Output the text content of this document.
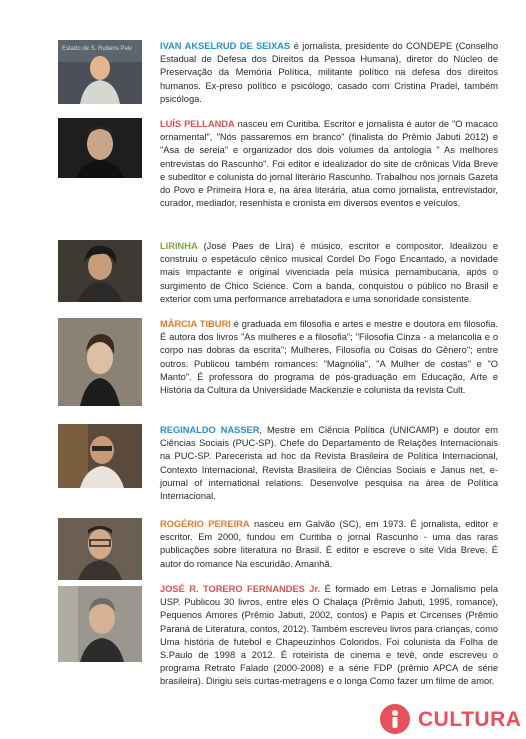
Estado de S. Rubens Paiv	IVAN AKSELRUD DE SEIXAS é jornalista, presidente do CONDEPE (Conselho Estadual de Defesa dos Direitos da Pessoa Humana), diretor do Núcleo de Preservação da Memória Política, militante político na defesa dos direitos humanos. Ex-preso político e psicólogo, casado com Cristina Pradel, também psicóloga.
LUÍS PELLANDA nasceu em Curitiba. Escritor e jornalista é autor de "O macaco ornamental", "Nós passaremos em branco" (finalista do Prêmio Jabuti 2012) e "Asa de sereia" e organizador dos dois volumes da antologia " As melhores entrevistas do Rascunho". Foi editor e idealizador do site de crônicas Vida Breve e subeditor e colunista do jornal literário Rascunho. Trabalhou nos jornais Gazeta do Povo e Primeira Hora e, na área literária, atua como jornalista, entrevistador, curador, mediador, resenhista e cronista em diversos eventos e veículos.
LIRINHA (José Paes de Lira) é músico, escritor e compositor. Idealizou e construiu o espetáculo cênico musical Cordel Do Fogo Encantado, a novidade mais impactante e original vivenciada pela música pernambucana, após o surgimento de Chico Science. Com a banda, conquistou o público no Brasil e exterior com uma performance arrebatadora e uma sonoridade consistente.
MÁRCIA TIBURI é graduada em filosofia e artes e mestre e doutora em filosofia. É autora dos livros "As mulheres e a filosofia"; "Filosofia Cinza - a melancolia e o corpo nas dobras da escrita"; Mulheres, Filosofia ou Coisas do Gênero"; entre outros. Publicou também romances: "Magnólia", "A Mulher de costas" e "O Manto". É professora do programa de pós-graduação em Educação, Arte e História da Cultura da Universidade Mackenzie e colunista da revista Cult.
REGINALDO NASSER, Mestre em Ciência Política (UNICAMP) e doutor em Ciências Sociais (PUC-SP). Chefe do Departamento de Relações Internacionais na PUC-SP. Parecerista ad hoc da Revista Brasileira de Política Internacional, Contexto Internacional, Revista Brasileira de Ciências Sociais e Janus net, e-journal of international relations. Desenvolve pesquisa na área de Política Internacional.
ROGÉRIO PEREIRA nasceu em Galvão (SC), em 1973. É jornalista, editor e escritor. Em 2000, fundou em Curitiba o jornal Rascunho - uma das raras publicações sobre literatura no Brasil. É editor e escreve o site Vida Breve. É autor do romance Na escuridão. Amanhã.
JOSÉ R. TORERO FERNANDES Jr. É formado em Letras e Jornalismo pela USP. Publicou 30 livros, entre eles O Chalaça (Prêmio Jabuti, 1995, romance), Pequenos Amores (Prêmio Jabuti, 2002, contos) e Papis et Circenses (Prêmio Paraná de Literatura, contos, 2012). Também escreveu livros para crianças, como Uma história de futebol e Chapeuzinhos Coloridos. Foi colunista da Folha de S.Paulo de 1998 a 2012. É roteirista de cinema e tevê, onde escreveu o programa Retrato Falado (2000-2008) e a série FDP (prêmio APCA de série brasileira). Dirigiu seis curtas-metragens e o longa Como fazer um filme de amor.
CULTURA
